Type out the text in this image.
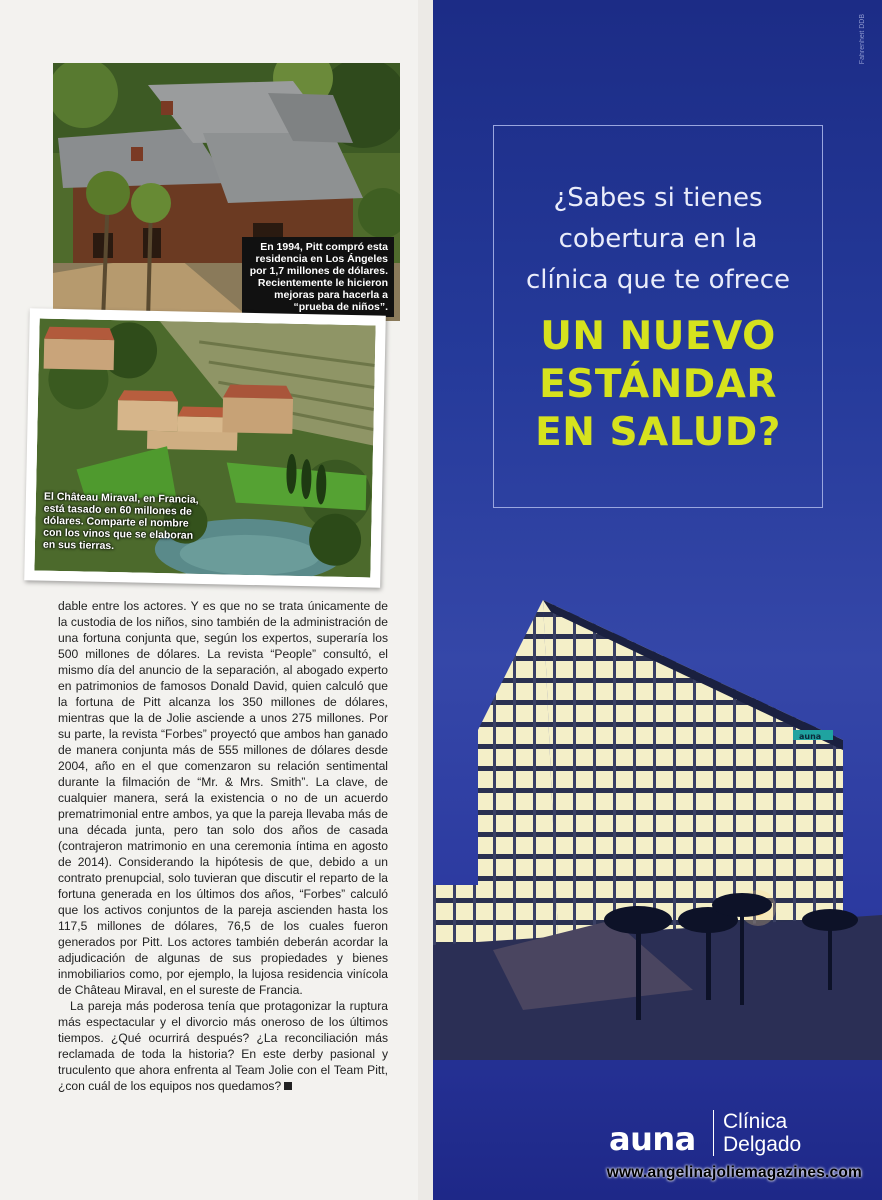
En 1994, Pitt compró esta residencia en Los Ángeles por 1,7 millones de dólares. Recientemente le hicieron mejoras para hacerla a “prueba de niños”.
El Château Miraval, en Francia, está tasado en 60 millones de dólares. Comparte el nombre con los vinos que se elaboran en sus tierras.

dable entre los actores. Y es que no se trata únicamente de la custodia de los niños, sino también de la administración de una fortuna conjunta que, según los expertos, superaría los 500 millones de dólares. La revista “People” consultó, el mismo día del anuncio de la separación, al abogado experto en patrimonios de famosos Donald David, quien calculó que la fortuna de Pitt alcanza los 350 millones de dólares, mientras que la de Jolie asciende a unos 275 millones. Por su parte, la revista “Forbes” proyectó que ambos han ganado de manera conjunta más de 555 millones de dólares desde 2004, año en el que comenzaron su relación sentimental durante la filmación de “Mr. & Mrs. Smith”. La clave, de cualquier manera, será la existencia o no de un acuerdo prematrimonial entre ambos, ya que la pareja llevaba más de una década junta, pero tan solo dos años de casada (contrajeron matrimonio en una ceremonia íntima en agosto de 2014). Considerando la hipótesis de que, debido a un contrato prenupcial, solo tuvieran que discutir el reparto de la fortuna generada en los últimos dos años, “Forbes” calculó que los activos conjuntos de la pareja ascienden hasta los 117,5 millones de dólares, 76,5 de los cuales fueron generados por Pitt. Los actores también deberán acordar la adjudicación de algunas de sus propiedades y bienes inmobiliarios como, por ejemplo, la lujosa residencia vinícola de Château Miraval, en el sureste de Francia.

La pareja más poderosa tenía que protagonizar la ruptura más espectacular y el divorcio más oneroso de los últimos tiempos. ¿Qué ocurrirá después? ¿La reconciliación más reclamada de toda la historia? En este derby pasional y truculento que ahora enfrenta al Team Jolie con el Team Pitt, ¿con cuál de los equipos nos quedamos?

Fahrenheit DDB
¿Sabes si tienes
cobertura en la
clínica que te ofrece
UN NUEVO
ESTÁNDAR
EN SALUD?
auna
auna Clínica
Delgado
www.angelinajoliemagazines.com
